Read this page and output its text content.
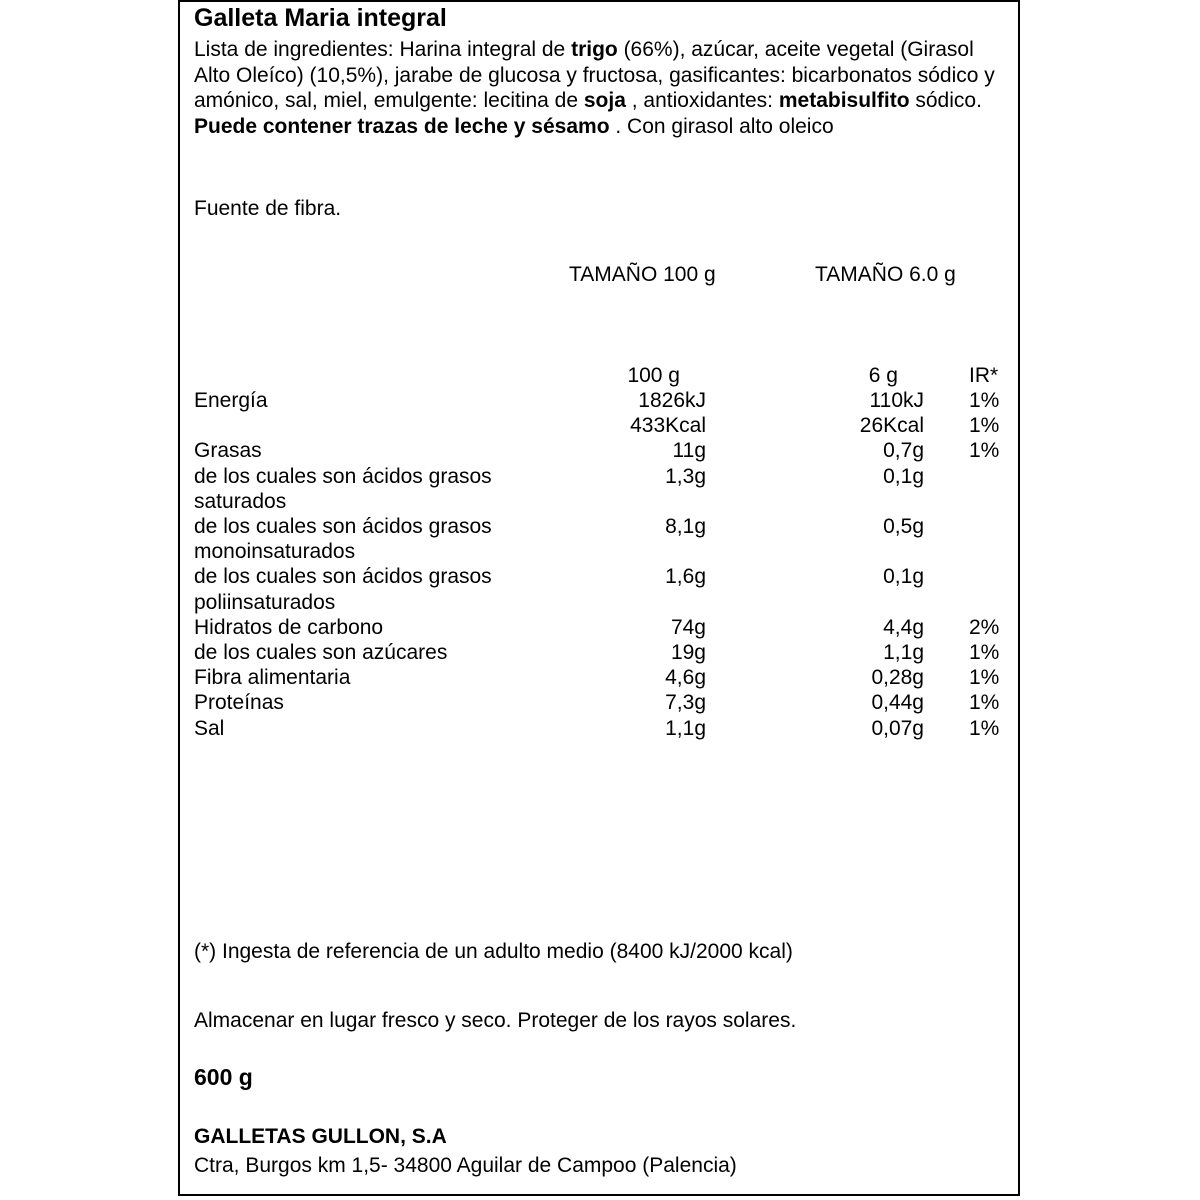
Galleta Maria integral
Lista de ingredientes: Harina integral de trigo (66%), azúcar, aceite vegetal (Girasol Alto Oleíco) (10,5%), jarabe de glucosa y fructosa, gasificantes: bicarbonatos sódico y amónico, sal, miel, emulgente: lecitina de soja , antioxidantes: metabisulfito sódico. Puede contener trazas de leche y sésamo . Con girasol alto oleico
Fuente de fibra.
TAMAÑO 100 g	TAMAÑO 6.0 g
100 g	6 g	IR*
Energía	1826kJ	110kJ 1%
433Kcal	26Kcal 1%
Grasas	11g	0,7g 1%
de los cuales son ácidos grasos	1,3g	0,1g
saturados
de los cuales son ácidos grasos	8,1g	0,5g
monoinsaturados
de los cuales son ácidos grasos	1,6g	0,1g
poliinsaturados
Hidratos de carbono	74g	4,4g 2%
de los cuales son azúcares	19g	1,1g 1%
Fibra alimentaria	4,6g	0,28g 1%
Proteínas	7,3g	0,44g 1%
Sal	1,1g	0,07g 1%
(*) Ingesta de referencia de un adulto medio (8400 kJ/2000 kcal)
Almacenar en lugar fresco y seco. Proteger de los rayos solares.
600 g
GALLETAS GULLON, S.A
Ctra, Burgos km 1,5- 34800 Aguilar de Campoo (Palencia)
